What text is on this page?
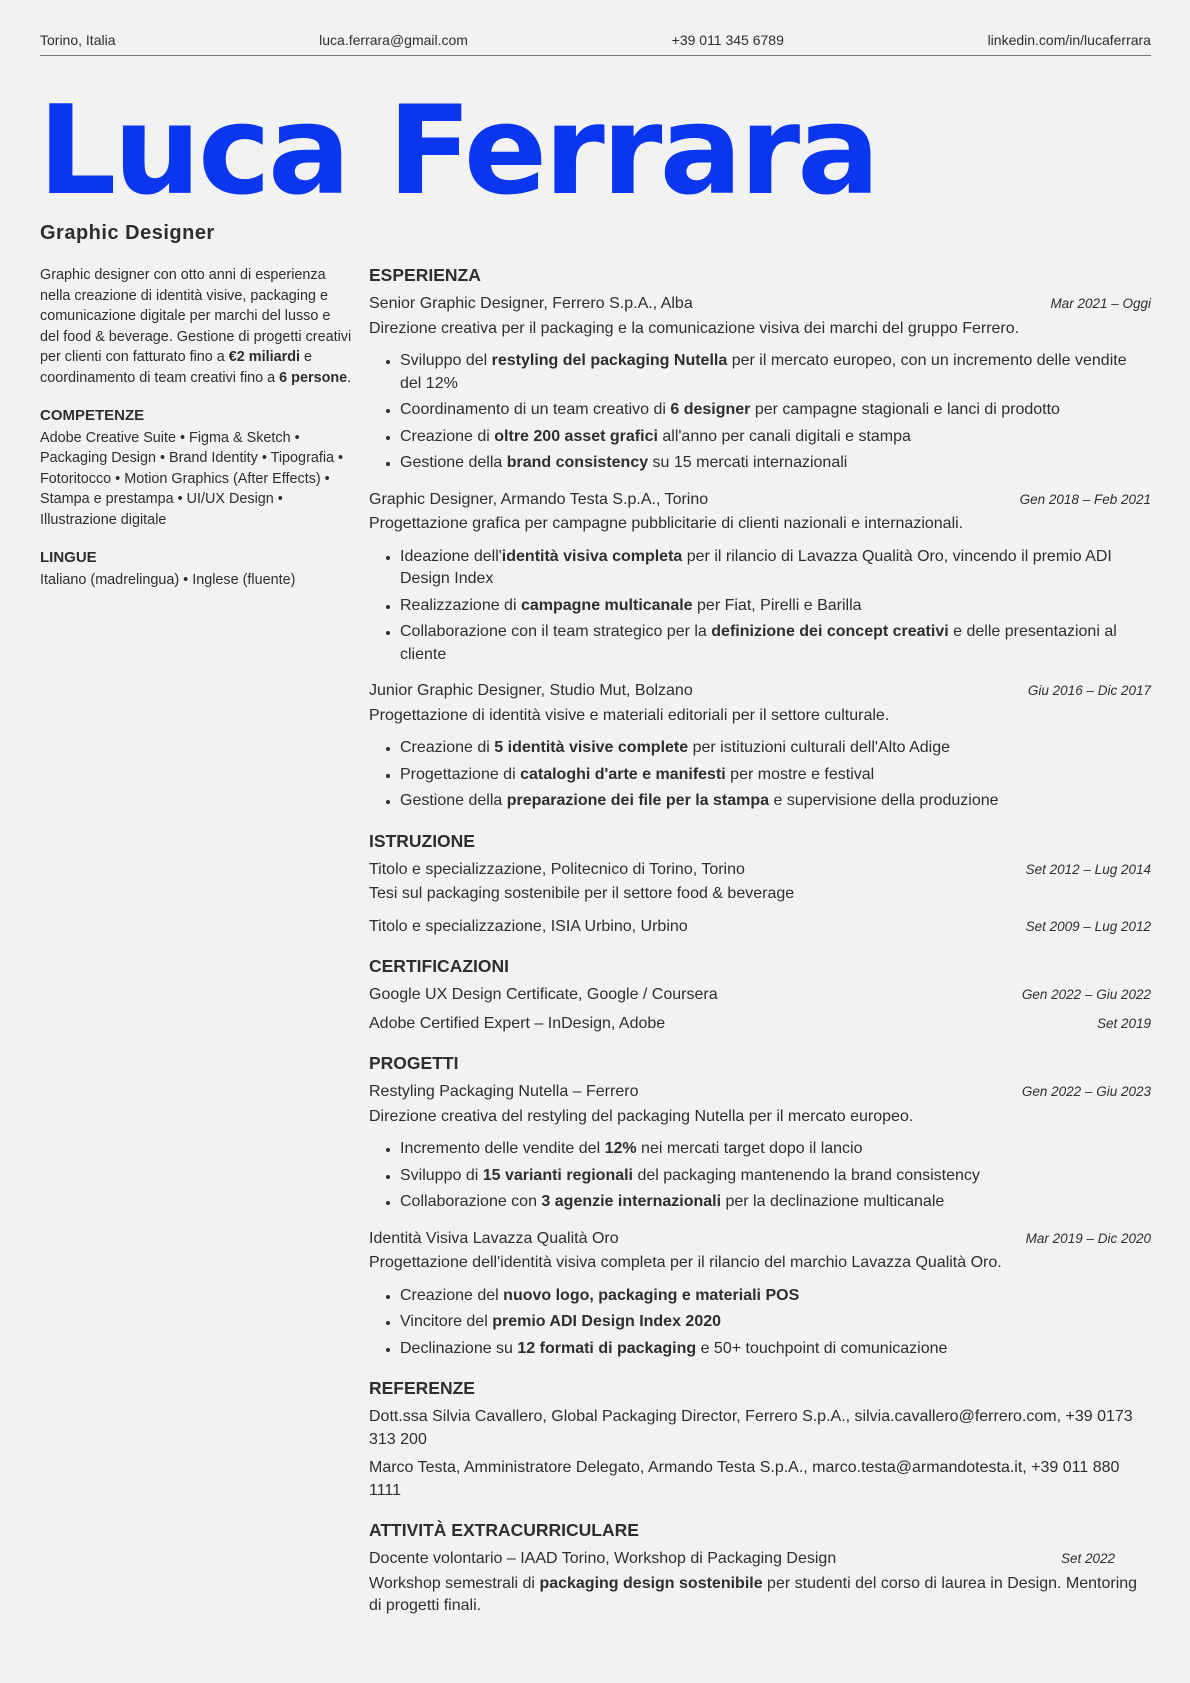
Torino, Italia	luca.ferrara@gmail.com	+39 011 345 6789	linkedin.com/in/lucaferrara
Luca Ferrara
Graphic Designer

Graphic designer con otto anni di esperienza nella creazione di identità visive, packaging e comunicazione digitale per marchi del lusso e del food & beverage. Gestione di progetti creativi per clienti con fatturato fino a €2 miliardi e coordinamento di team creativi fino a 6 persone.

COMPETENZE

Adobe Creative Suite • Figma & Sketch • Packaging Design • Brand Identity • Tipografia • Fotoritocco • Motion Graphics (After Effects) • Stampa e prestampa • UI/UX Design • Illustrazione digitale

LINGUE

Italiano (madrelingua) • Inglese (fluente)

ESPERIENZA
Senior Graphic Designer, Ferrero S.p.A., Alba	Mar 2021 – Oggi

Direzione creativa per il packaging e la comunicazione visiva dei marchi del gruppo Ferrero.

Sviluppo del restyling del packaging Nutella per il mercato europeo, con un incremento delle vendite del 12%
Coordinamento di un team creativo di 6 designer per campagne stagionali e lanci di prodotto
Creazione di oltre 200 asset grafici all'anno per canali digitali e stampa
Gestione della brand consistency su 15 mercati internazionali
Graphic Designer, Armando Testa S.p.A., Torino	Gen 2018 – Feb 2021

Progettazione grafica per campagne pubblicitarie di clienti nazionali e internazionali.

Ideazione dell'identità visiva completa per il rilancio di Lavazza Qualità Oro, vincendo il premio ADI Design Index
Realizzazione di campagne multicanale per Fiat, Pirelli e Barilla
Collaborazione con il team strategico per la definizione dei concept creativi e delle presentazioni al cliente
Junior Graphic Designer, Studio Mut, Bolzano	Giu 2016 – Dic 2017

Progettazione di identità visive e materiali editoriali per il settore culturale.

Creazione di 5 identità visive complete per istituzioni culturali dell'Alto Adige
Progettazione di cataloghi d'arte e manifesti per mostre e festival
Gestione della preparazione dei file per la stampa e supervisione della produzione
ISTRUZIONE
Titolo e specializzazione, Politecnico di Torino, Torino	Set 2012 – Lug 2014

Tesi sul packaging sostenibile per il settore food & beverage

Titolo e specializzazione, ISIA Urbino, Urbino	Set 2009 – Lug 2012
CERTIFICAZIONI
Google UX Design Certificate, Google / Coursera	Gen 2022 – Giu 2022
Adobe Certified Expert – InDesign, Adobe	Set 2019
PROGETTI
Restyling Packaging Nutella – Ferrero	Gen 2022 – Giu 2023

Direzione creativa del restyling del packaging Nutella per il mercato europeo.

Incremento delle vendite del 12% nei mercati target dopo il lancio
Sviluppo di 15 varianti regionali del packaging mantenendo la brand consistency
Collaborazione con 3 agenzie internazionali per la declinazione multicanale
Identità Visiva Lavazza Qualità Oro	Mar 2019 – Dic 2020

Progettazione dell'identità visiva completa per il rilancio del marchio Lavazza Qualità Oro.

Creazione del nuovo logo, packaging e materiali POS
Vincitore del premio ADI Design Index 2020
Declinazione su 12 formati di packaging e 50+ touchpoint di comunicazione
REFERENZE
Dott.ssa Silvia Cavallero, Global Packaging Director, Ferrero S.p.A., silvia.cavallero@ferrero.com, +39 0173 313 200
Marco Testa, Amministratore Delegato, Armando Testa S.p.A., marco.testa@armandotesta.it, +39 011 880 1111
ATTIVITÀ EXTRACURRICULARE
Docente volontario – IAAD Torino, Workshop di Packaging Design	Set 2022

Workshop semestrali di packaging design sostenibile per studenti del corso di laurea in Design. Mentoring di progetti finali.
